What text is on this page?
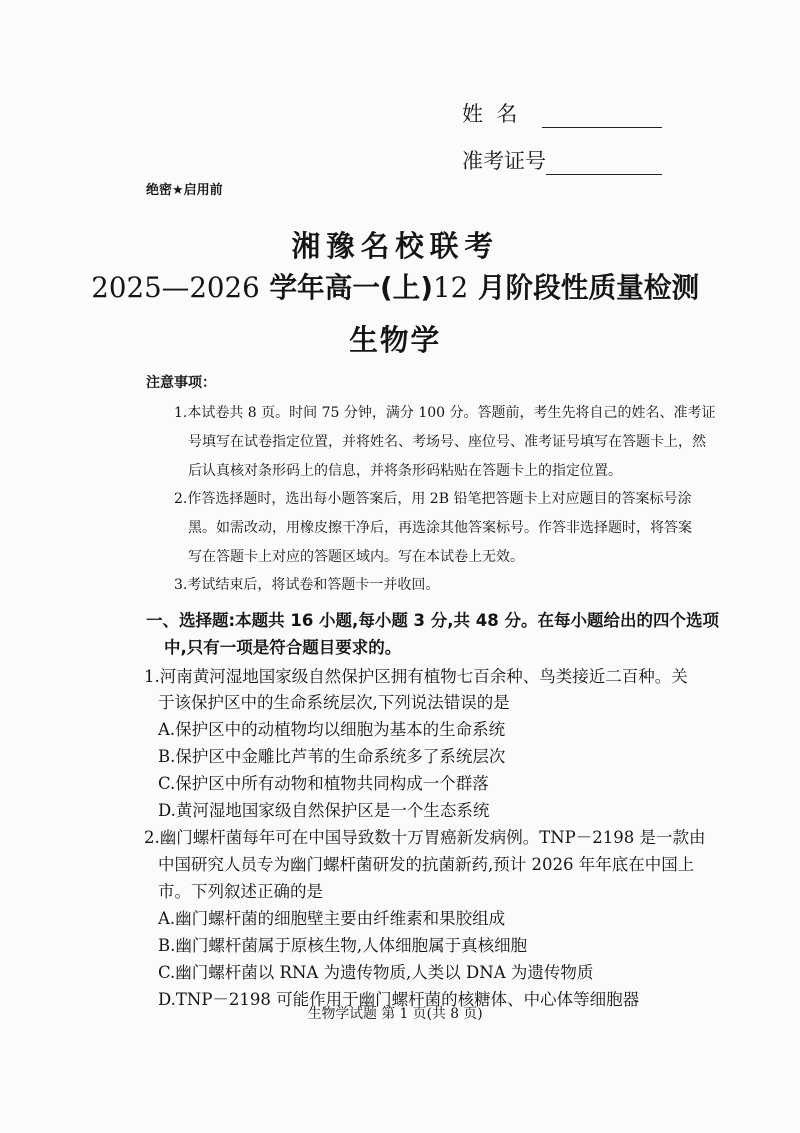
姓  名
准考证号
绝密★启用前
湘豫名校联考
2025—2026 学年高一(上)12 月阶段性质量检测
生物学
注意事项：
1.本试卷共 8 页。时间 75 分钟，满分 100 分。答题前，考生先将自己的姓名、准考证
号填写在试卷指定位置，并将姓名、考场号、座位号、准考证号填写在答题卡上，然
后认真核对条形码上的信息，并将条形码粘贴在答题卡上的指定位置。
2.作答选择题时，选出每小题答案后，用 2B 铅笔把答题卡上对应题目的答案标号涂
黑。如需改动，用橡皮擦干净后，再选涂其他答案标号。作答非选择题时，将答案
写在答题卡上对应的答题区域内。写在本试卷上无效。
3.考试结束后，将试卷和答题卡一并收回。
一、选择题:本题共 16 小题,每小题 3 分,共 48 分。在每小题给出的四个选项
中,只有一项是符合题目要求的。
1.河南黄河湿地国家级自然保护区拥有植物七百余种、鸟类接近二百种。关
于该保护区中的生命系统层次,下列说法错误的是
A.保护区中的动植物均以细胞为基本的生命系统
B.保护区中金雕比芦苇的生命系统多了系统层次
C.保护区中所有动物和植物共同构成一个群落
D.黄河湿地国家级自然保护区是一个生态系统
2.幽门螺杆菌每年可在中国导致数十万胃癌新发病例。TNP－2198 是一款由
中国研究人员专为幽门螺杆菌研发的抗菌新药,预计 2026 年年底在中国上
市。下列叙述正确的是
A.幽门螺杆菌的细胞壁主要由纤维素和果胶组成
B.幽门螺杆菌属于原核生物,人体细胞属于真核细胞
C.幽门螺杆菌以 RNA 为遗传物质,人类以 DNA 为遗传物质
D.TNP－2198 可能作用于幽门螺杆菌的核糖体、中心体等细胞器
生物学试题 第 1 页(共 8 页)
